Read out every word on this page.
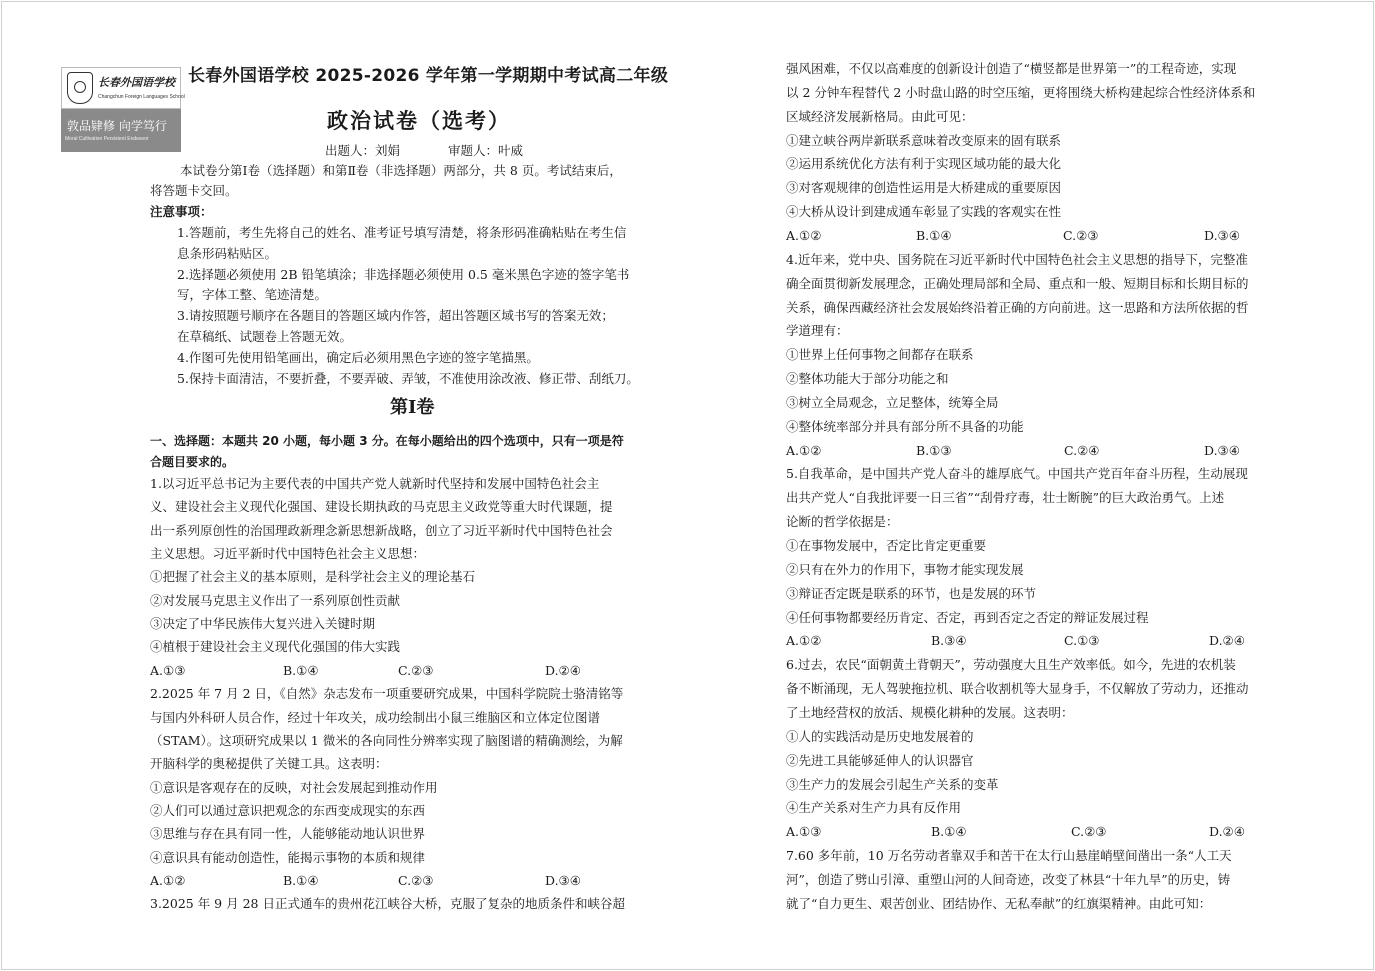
长春外国语学校
Changchun Foreign Languages School
敦品肄修 向学笃行
Moral Cultivation Persistent Endeavor
长春外国语学校 2025-2026 学年第一学期期中考试高二年级
政治试卷（选考）
出题人：刘娟	审题人：叶威
本试卷分第Ⅰ卷（选择题）和第Ⅱ卷（非选择题）两部分，共 8 页。考试结束后，
将答题卡交回。
注意事项：
1.答题前，考生先将自己的姓名、准考证号填写清楚，将条形码准确粘贴在考生信
息条形码粘贴区。
2.选择题必须使用 2B 铅笔填涂；非选择题必须使用 0.5 毫米黑色字迹的签字笔书
写，字体工整、笔迹清楚。
3.请按照题号顺序在各题目的答题区域内作答，超出答题区域书写的答案无效；
在草稿纸、试题卷上答题无效。
4.作图可先使用铅笔画出，确定后必须用黑色字迹的签字笔描黑。
5.保持卡面清洁，不要折叠，不要弄破、弄皱，不准使用涂改液、修正带、刮纸刀。
第Ⅰ卷
一、选择题：本题共 20 小题，每小题 3 分。在每小题给出的四个选项中，只有一项是符
合题目要求的。
1.以习近平总书记为主要代表的中国共产党人就新时代坚持和发展中国特色社会主
义、建设社会主义现代化强国、建设长期执政的马克思主义政党等重大时代课题，提
出一系列原创性的治国理政新理念新思想新战略，创立了习近平新时代中国特色社会
主义思想。习近平新时代中国特色社会主义思想：
①把握了社会主义的基本原则，是科学社会主义的理论基石
②对发展马克思主义作出了一系列原创性贡献
③决定了中华民族伟大复兴进入关键时期
④植根于建设社会主义现代化强国的伟大实践
A.①③	B.①④	C.②③	D.②④
2.2025 年 7 月 2 日，《自然》杂志发布一项重要研究成果，中国科学院院士骆清铭等
与国内外科研人员合作，经过十年攻关，成功绘制出小鼠三维脑区和立体定位图谱
（STAM）。这项研究成果以 1 微米的各向同性分辨率实现了脑图谱的精确测绘，为解
开脑科学的奥秘提供了关键工具。这表明：
①意识是客观存在的反映，对社会发展起到推动作用
②人们可以通过意识把观念的东西变成现实的东西
③思维与存在具有同一性，人能够能动地认识世界
④意识具有能动创造性，能揭示事物的本质和规律
A.①②	B.①④	C.②③	D.③④
3.2025 年 9 月 28 日正式通车的贵州花江峡谷大桥，克服了复杂的地质条件和峡谷超
强风困难，不仅以高难度的创新设计创造了“横竖都是世界第一”的工程奇迹，实现
以 2 分钟车程替代 2 小时盘山路的时空压缩，更将围绕大桥构建起综合性经济体系和
区域经济发展新格局。由此可见：
①建立峡谷两岸新联系意味着改变原来的固有联系
②运用系统优化方法有利于实现区域功能的最大化
③对客观规律的创造性运用是大桥建成的重要原因
④大桥从设计到建成通车彰显了实践的客观实在性
A.①②	B.①④	C.②③	D.③④
4.近年来，党中央、国务院在习近平新时代中国特色社会主义思想的指导下，完整准
确全面贯彻新发展理念，正确处理局部和全局、重点和一般、短期目标和长期目标的
关系，确保西藏经济社会发展始终沿着正确的方向前进。这一思路和方法所依据的哲
学道理有：
①世界上任何事物之间都存在联系
②整体功能大于部分功能之和
③树立全局观念，立足整体，统筹全局
④整体统率部分并具有部分所不具备的功能
A.①②	B.①③	C.②④	D.③④
5.自我革命，是中国共产党人奋斗的雄厚底气。中国共产党百年奋斗历程，生动展现
出共产党人“自我批评要一日三省”“刮骨疗毒，壮士断腕”的巨大政治勇气。上述
论断的哲学依据是：
①在事物发展中，否定比肯定更重要
②只有在外力的作用下，事物才能实现发展
③辩证否定既是联系的环节，也是发展的环节
④任何事物都要经历肯定、否定，再到否定之否定的辩证发展过程
A.①②	B.③④	C.①③	D.②④
6.过去，农民“面朝黄土背朝天”，劳动强度大且生产效率低。如今，先进的农机装
备不断涌现，无人驾驶拖拉机、联合收割机等大显身手，不仅解放了劳动力，还推动
了土地经营权的放活、规模化耕种的发展。这表明：
①人的实践活动是历史地发展着的
②先进工具能够延伸人的认识器官
③生产力的发展会引起生产关系的变革
④生产关系对生产力具有反作用
A.①③	B.①④	C.②③	D.②④
7.60 多年前，10 万名劳动者靠双手和苦干在太行山悬崖峭壁间凿出一条“人工天
河”，创造了劈山引漳、重塑山河的人间奇迹，改变了林县“十年九旱”的历史，铸
就了“自力更生、艰苦创业、团结协作、无私奉献”的红旗渠精神。由此可知：
